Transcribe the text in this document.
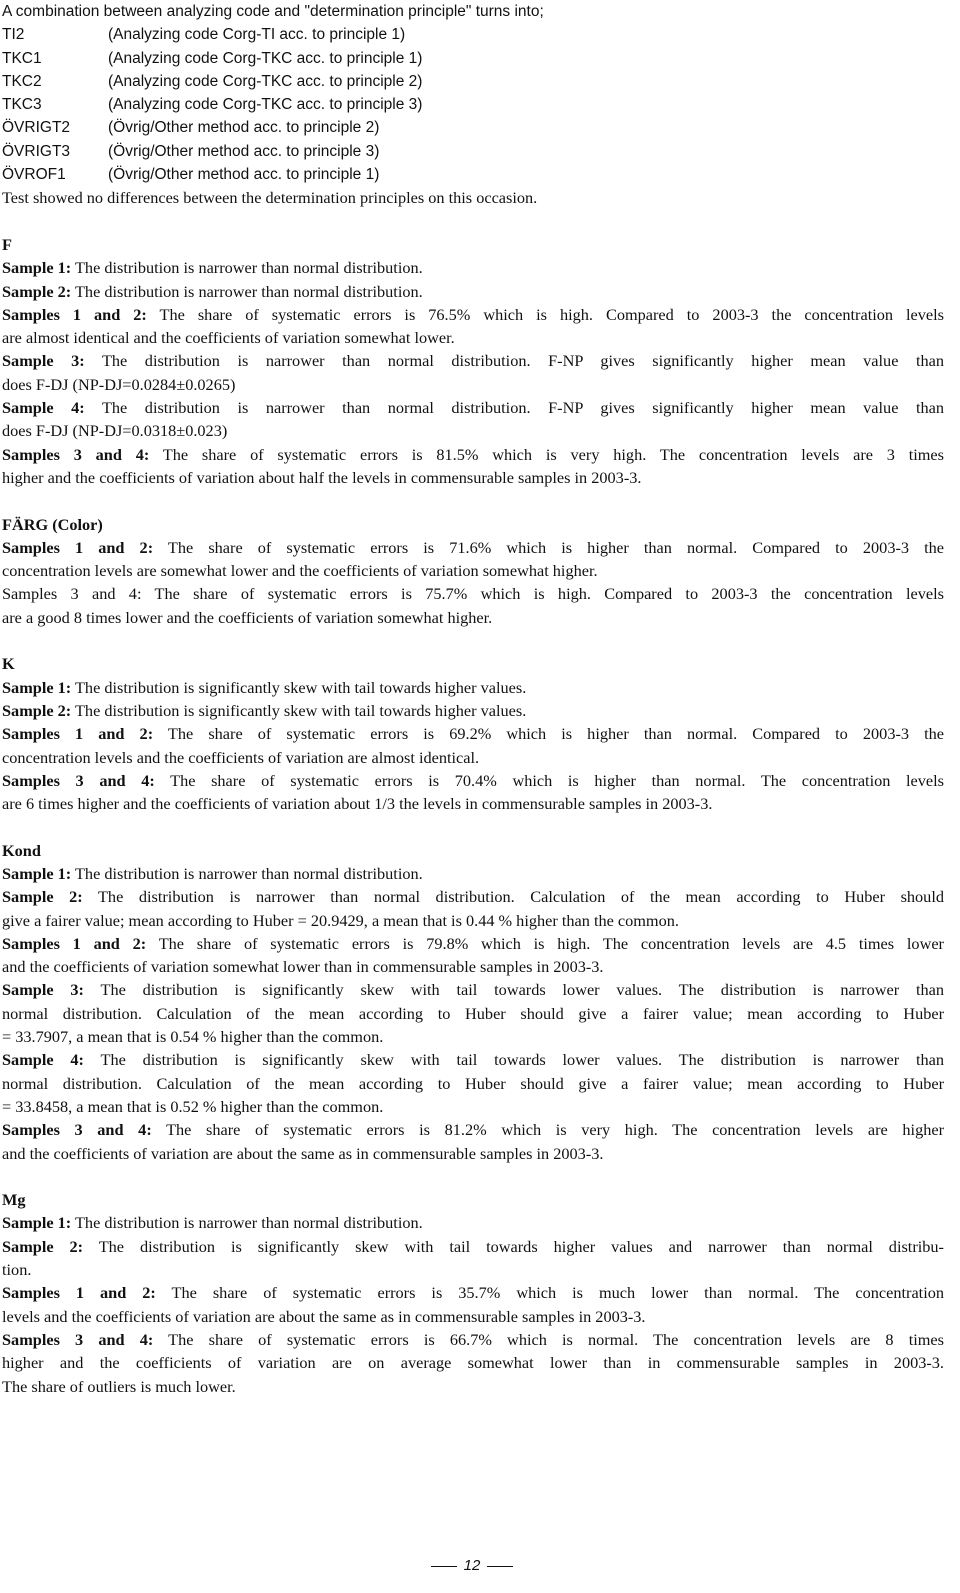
A combination between analyzing code and "determination principle" turns into;
TI2	(Analyzing code Corg-TI acc. to principle 1)
TKC1	(Analyzing code Corg-TKC acc. to principle 1)
TKC2	(Analyzing code Corg-TKC acc. to principle 2)
TKC3	(Analyzing code Corg-TKC acc. to principle 3)
ÖVRIGT2	(Övrig/Other method acc. to principle 2)
ÖVRIGT3	(Övrig/Other method acc. to principle 3)
ÖVROF1	(Övrig/Other method acc. to principle 1)
Test showed no differences between the determination principles on this occasion.
F
Sample 1: The distribution is narrower than normal distribution.
Sample 2: The distribution is narrower than normal distribution.
Samples 1 and 2: The share of systematic errors is 76.5% which is high. Compared to 2003-3 the concentration levels
are almost identical and the coefficients of variation somewhat lower.
Sample 3: The distribution is narrower than normal distribution. F-NP gives significantly higher mean value than
does F-DJ (NP-DJ=0.0284±0.0265)
Sample 4: The distribution is narrower than normal distribution. F-NP gives significantly higher mean value than
does F-DJ (NP-DJ=0.0318±0.023)
Samples 3 and 4: The share of systematic errors is 81.5% which is very high. The concentration levels are 3 times
higher and the coefficients of variation about half the levels in commensurable samples in 2003-3.
FÄRG (Color)
Samples 1 and 2: The share of systematic errors is 71.6% which is higher than normal. Compared to 2003-3 the
concentration levels are somewhat lower and the coefficients of variation somewhat higher.
Samples 3 and 4: The share of systematic errors is 75.7% which is high. Compared to 2003-3 the concentration levels
are a good 8 times lower and the coefficients of variation somewhat higher.
K
Sample 1: The distribution is significantly skew with tail towards higher values.
Sample 2: The distribution is significantly skew with tail towards higher values.
Samples 1 and 2: The share of systematic errors is 69.2% which is higher than normal. Compared to 2003-3 the
concentration levels and the coefficients of variation are almost identical.
Samples 3 and 4: The share of systematic errors is 70.4% which is higher than normal. The concentration levels
are 6 times higher and the coefficients of variation about 1/3 the levels in commensurable samples in 2003-3.
Kond
Sample 1: The distribution is narrower than normal distribution.
Sample 2: The distribution is narrower than normal distribution. Calculation of the mean according to Huber should
give a fairer value; mean according to Huber = 20.9429, a mean that is 0.44 % higher than the common.
Samples 1 and 2: The share of systematic errors is 79.8% which is high. The concentration levels are 4.5 times lower
and the coefficients of variation somewhat lower than in commensurable samples in 2003-3.
Sample 3: The distribution is significantly skew with tail towards lower values. The distribution is narrower than
normal distribution. Calculation of the mean according to Huber should give a fairer value; mean according to Huber
= 33.7907, a mean that is 0.54 % higher than the common.
Sample 4: The distribution is significantly skew with tail towards lower values. The distribution is narrower than
normal distribution. Calculation of the mean according to Huber should give a fairer value; mean according to Huber
= 33.8458, a mean that is 0.52 % higher than the common.
Samples 3 and 4: The share of systematic errors is 81.2% which is very high. The concentration levels are higher
and the coefficients of variation are about the same as in commensurable samples in 2003-3.
Mg
Sample 1: The distribution is narrower than normal distribution.
Sample 2: The distribution is significantly skew with tail towards higher values and narrower than normal distribu-
tion.
Samples 1 and 2: The share of systematic errors is 35.7% which is much lower than normal. The concentration
levels and the coefficients of variation are about the same as in commensurable samples in 2003-3.
Samples 3 and 4: The share of systematic errors is 66.7% which is normal. The concentration levels are 8 times
higher and the coefficients of variation are on average somewhat lower than in commensurable samples in 2003-3.
The share of outliers is much lower.
12
